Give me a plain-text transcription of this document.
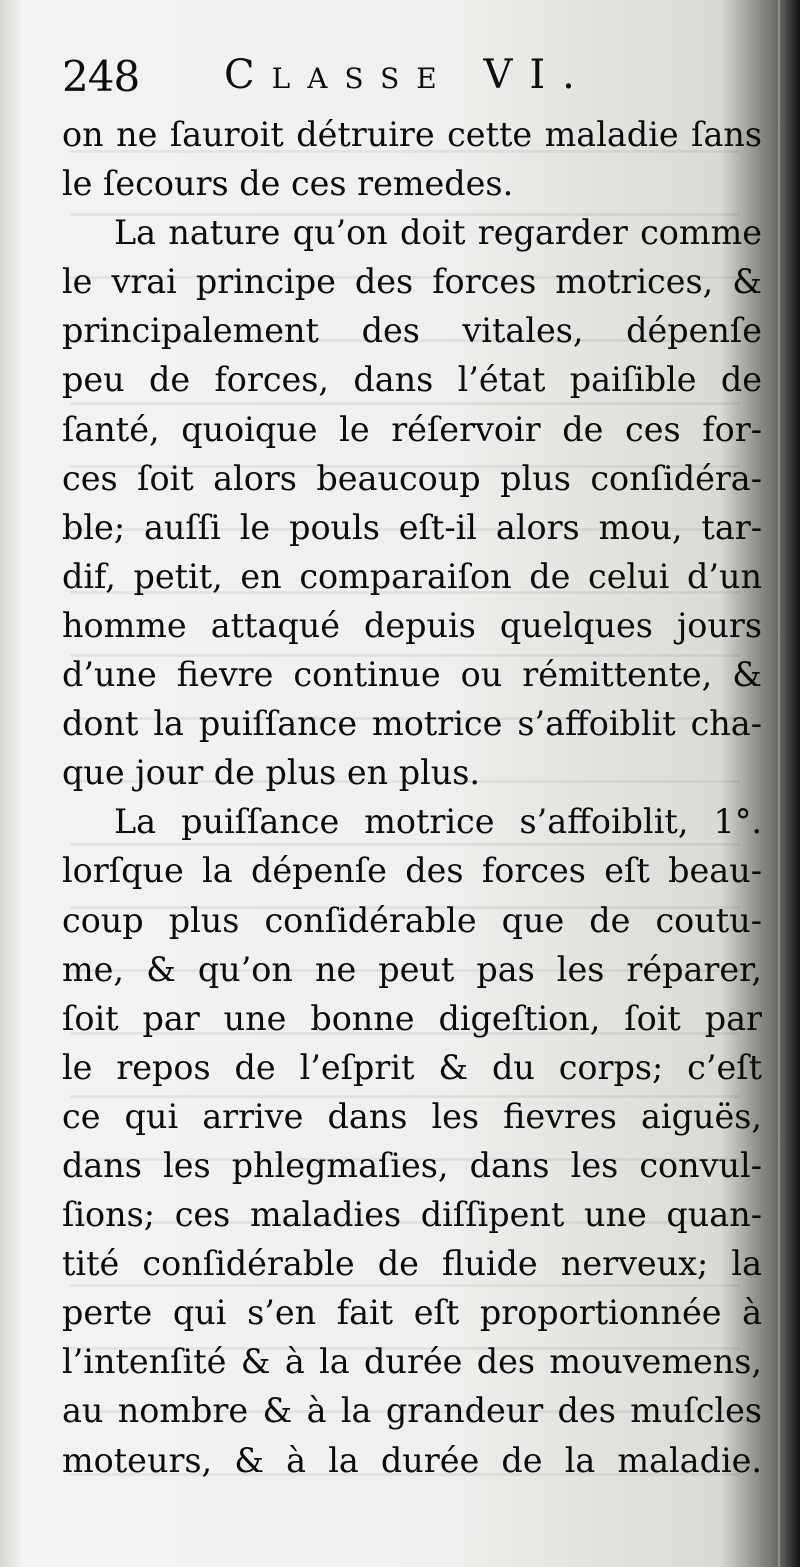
248 Classe VI.
on ne ſauroit détruire cette maladie ſans
le ſecours de ces remedes.
La nature qu’on doit regarder comme
le vrai principe des forces motrices, &
principalement des vitales, dépenſe
peu de forces, dans l’état paiſible de
ſanté, quoique le réſervoir de ces for-
ces ſoit alors beaucoup plus conſidéra-
ble; auſſi le pouls eſt-il alors mou, tar-
dif, petit, en comparaiſon de celui d’un
homme attaqué depuis quelques jours
d’une fievre continue ou rémittente, &
dont la puiſſance motrice s’affoiblit cha-
que jour de plus en plus.
La puiſſance motrice s’affoiblit, 1°.
lorſque la dépenſe des forces eſt beau-
coup plus conſidérable que de coutu-
me, & qu’on ne peut pas les réparer,
ſoit par une bonne digeſtion, ſoit par
le repos de l’eſprit & du corps; c’eſt
ce qui arrive dans les fievres aiguës,
dans les phlegmaſies, dans les convul-
ſions; ces maladies diſſipent une quan-
tité conſidérable de fluide nerveux; la
perte qui s’en fait eſt proportionnée à
l’intenſité & à la durée des mouvemens,
au nombre & à la grandeur des muſcles
moteurs, & à la durée de la maladie.
